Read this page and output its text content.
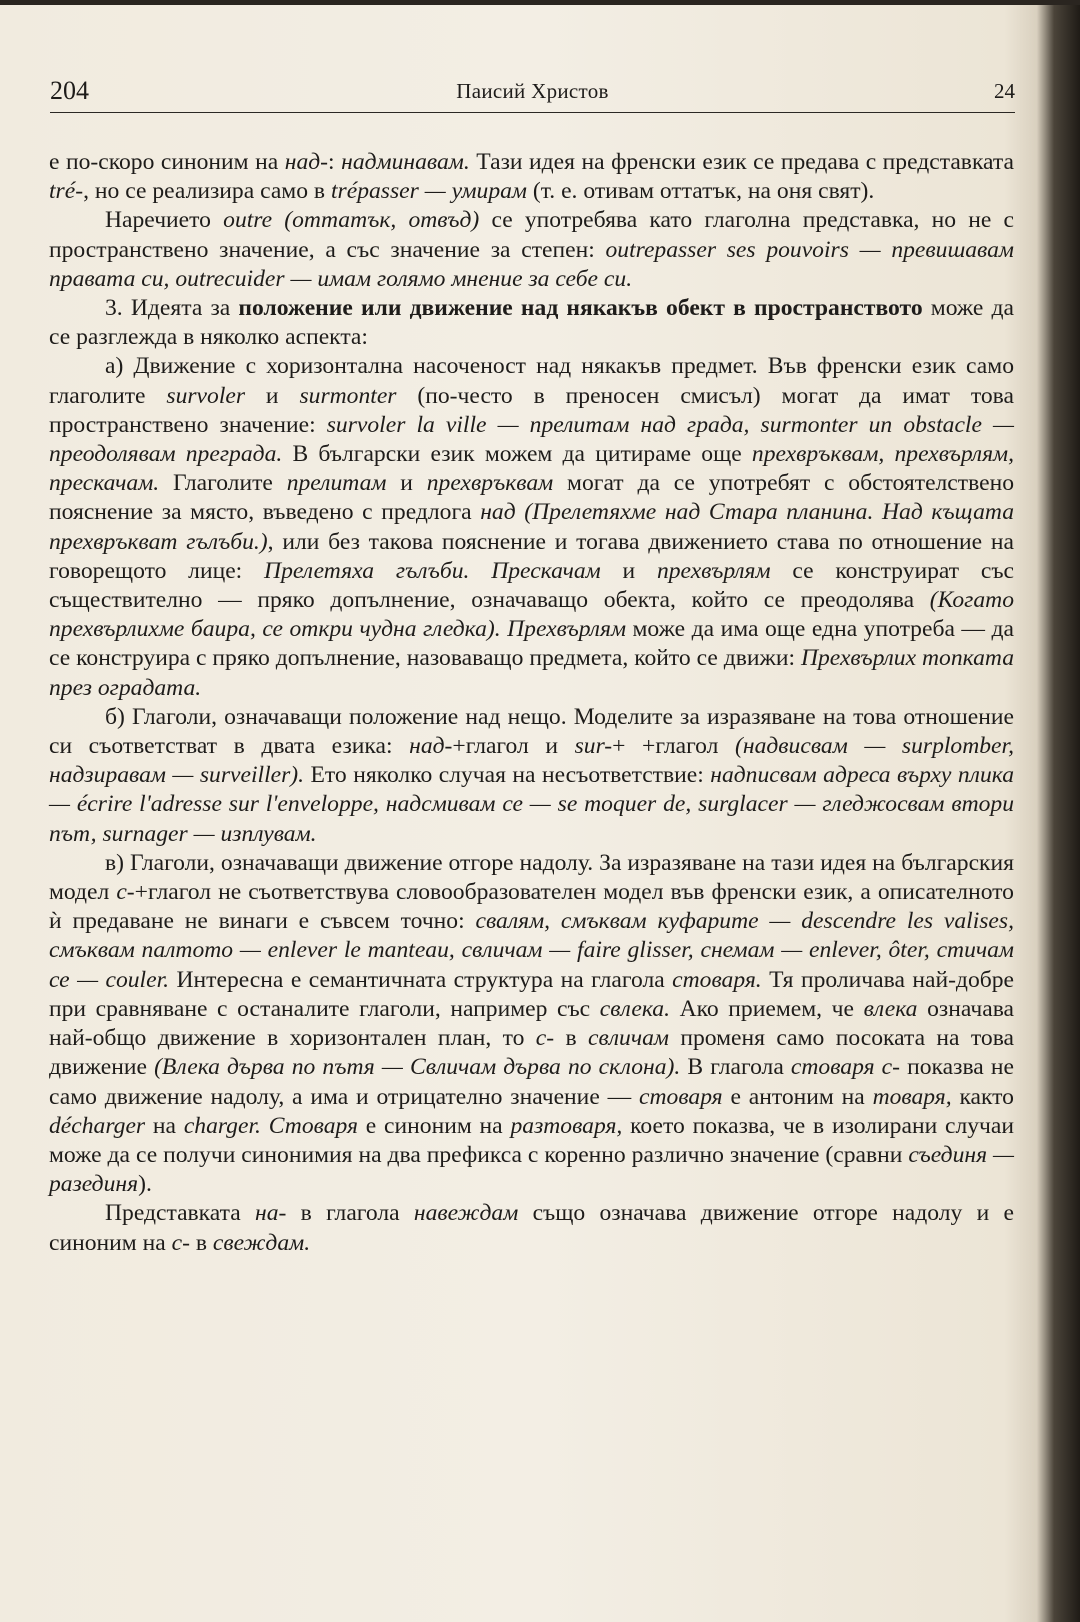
204	Паисий Христов	24

е по-скоро синоним на над-: надминавам. Тази идея на френски език се предава с представката tré-, но се реализира само в trépasser — умирам (т. е. отивам оттатък, на оня свят).

Наречието outre (оттатък, отвъд) се употребява като глаголна представка, но не с пространствено значение, а със значение за степен: outrepasser ses pouvoirs — превишавам правата си, outrecuider — имам голямо мнение за себе си.

3. Идеята за положение или движение над някакъв обект в пространството може да се разглежда в няколко аспекта:

а) Движение с хоризонтална насоченост над някакъв предмет. Във френски език само глаголите survoler и surmonter (по-често в преносен смисъл) могат да имат това пространствено значение: survoler la ville — прелитам над града, surmonter un obstacle — преодолявам преграда. В български език можем да цитираме още прехвръквам, прехвърлям, прескачам. Глаголите прелитам и прехвръквам могат да се употребят с обстоятелствено пояснение за място, въведено с предлога над (Прелетяхме над Стара планина. Над къщата прехвръкват гълъби.), или без такова пояснение и тогава движението става по отношение на говорещото лице: Прелетяха гълъби. Прескачам и прехвърлям се конструират със съществително — пряко допълнение, означаващо обекта, който се преодолява (Когато прехвърлихме баира, се откри чудна гледка). Прехвърлям може да има още една употреба — да се конструира с пряко допълнение, назоваващо предмета, който се движи: Прехвърлих топката през оградата.

б) Глаголи, означаващи положение над нещо. Моделите за изразяване на това отношение си съответстват в двата езика: над-+глагол и sur-+ +глагол (надвисвам — surplomber, надзиравам — surveiller). Ето няколко случая на несъответствие: надписвам адреса върху плика — écrire l'adresse sur l'enveloppe, надсмивам се — se moquer de, surglacer — гледжосвам втори път, surnager — изплувам.

в) Глаголи, означаващи движение отгоре надолу. За изразяване на тази идея на българския модел с-+глагол не съответствува словообразователен модел във френски език, а описателното ѝ предаване не винаги е съвсем точно: свалям, смъквам куфарите — descendre les valises, смъквам палтото — enlever le manteau, свличам — faire glisser, снемам — enlever, ôter, стичам се — couler. Интересна е семантичната структура на глагола стоваря. Тя проличава най-добре при сравняване с останалите глаголи, например със свлека. Ако приемем, че влека означава най-общо движение в хоризонтален план, то с- в свличам променя само посоката на това движение (Влека дърва по пътя — Свличам дърва по склона). В глагола стоваря с- показва не само движение надолу, а има и отрицателно значение — стоваря е антоним на товаря, както décharger на charger. Стоваря е синоним на разтоваря, което показва, че в изолирани случаи може да се получи синонимия на два префикса с коренно различно значение (сравни съединя — разединя).

Представката на- в глагола навеждам също означава движение отгоре надолу и е синоним на с- в свеждам.
